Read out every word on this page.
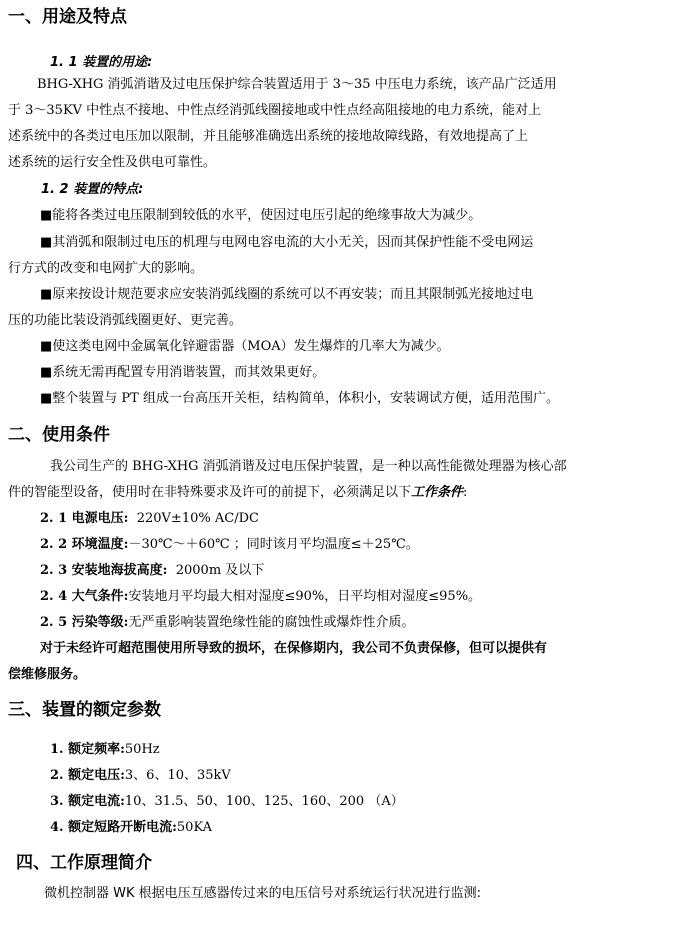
一、用途及特点
1. 1 装置的用途:
BHG-XHG 消弧消谐及过电压保护综合装置适用于 3～35 中压电力系统，该产品广泛适用
于 3～35KV 中性点不接地、中性点经消弧线圈接地或中性点经高阻接地的电力系统，能对上
述系统中的各类过电压加以限制，并且能够准确选出系统的接地故障线路，有效地提高了上
述系统的运行安全性及供电可靠性。
1. 2 装置的特点:
■能将各类过电压限制到较低的水平，使因过电压引起的绝缘事故大为减少。
■其消弧和限制过电压的机理与电网电容电流的大小无关，因而其保护性能不受电网运
行方式的改变和电网扩大的影响。
■原来按设计规范要求应安装消弧线圈的系统可以不再安装；而且其限制弧光接地过电
压的功能比装设消弧线圈更好、更完善。
■使这类电网中金属氧化锌避雷器（MOA）发生爆炸的几率大为减少。
■系统无需再配置专用消谐装置，而其效果更好。
■整个装置与 PT 组成一台高压开关柜，结构简单，体积小，安装调试方便，适用范围广。
二、使用条件
我公司生产的 BHG-XHG 消弧消谐及过电压保护装置，是一种以高性能微处理器为核心部
件的智能型设备，使用时在非特殊要求及许可的前提下，必须满足以下工作条件:
2. 1 电源电压: 220V±10% AC/DC
2. 2 环境温度:－30℃～＋60℃ ；同时该月平均温度≤＋25℃。
2. 3 安装地海拔高度: 2000m 及以下
2. 4 大气条件:安装地月平均最大相对湿度≤90%，日平均相对湿度≤95%。
2. 5 污染等级:无严重影响装置绝缘性能的腐蚀性或爆炸性介质。
对于未经许可超范围使用所导致的损坏，在保修期内，我公司不负责保修，但可以提供有
偿维修服务。
三、装置的额定参数
1. 额定频率:50Hz
2. 额定电压:3、6、10、35kV
3. 额定电流:10、31.5、50、100、125、160、200 （A）
4. 额定短路开断电流:50KA
四、工作原理简介
微机控制器 WK 根据电压互感器传过来的电压信号对系统运行状况进行监测:
